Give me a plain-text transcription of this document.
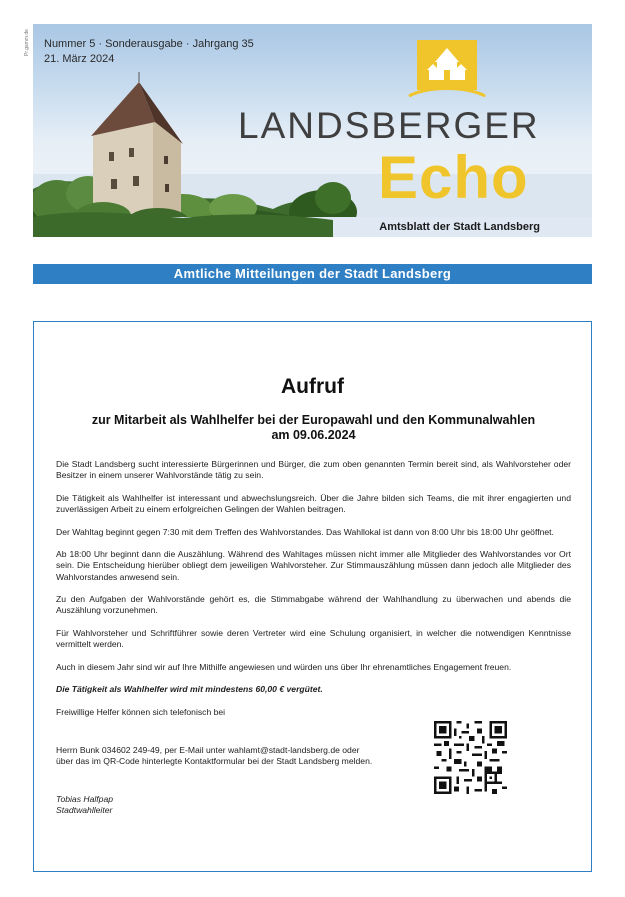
Pr.gamm.de Nummer 5 · Sonderausgabe · Jahrgang 35
21. März 2024
LANDSBERGER
Echo
Amtsblatt der Stadt Landsberg
Amtliche Mitteilungen der Stadt Landsberg
Aufruf
zur Mitarbeit als Wahlhelfer bei der Europawahl und den Kommunalwahlen
am 09.06.2024

Die Stadt Landsberg sucht interessierte Bürgerinnen und Bürger, die zum oben genannten Termin bereit sind, als Wahlvorsteher oder Besitzer in einem unserer Wahlvorstände tätig zu sein.

Die Tätigkeit als Wahlhelfer ist interessant und abwechslungsreich. Über die Jahre bilden sich Teams, die mit ihrer engagierten und zuverlässigen Arbeit zu einem erfolgreichen Gelingen der Wahlen beitragen.

Der Wahltag beginnt gegen 7:30 mit dem Treffen des Wahlvorstandes. Das Wahllokal ist dann von 8:00 Uhr bis 18:00 Uhr geöffnet.

Ab 18:00 Uhr beginnt dann die Auszählung. Während des Wahltages müssen nicht immer alle Mitglieder des Wahlvorstandes vor Ort sein. Die Entscheidung hierüber obliegt dem jeweiligen Wahlvorsteher. Zur Stimmauszählung müssen dann jedoch alle Mitglieder des Wahlvorstandes anwesend sein.

Zu den Aufgaben der Wahlvorstände gehört es, die Stimmabgabe während der Wahlhandlung zu überwachen und abends die Auszählung vorzunehmen.

Für Wahlvorsteher und Schriftführer sowie deren Vertreter wird eine Schulung organisiert, in welcher die notwendigen Kenntnisse vermittelt werden.

Auch in diesem Jahr sind wir auf Ihre Mithilfe angewiesen und würden uns über Ihr ehrenamtliches Engagement freuen.

Die Tätigkeit als Wahlhelfer wird mit mindestens 60,00 € vergütet.

Freiwillige Helfer können sich telefonisch bei

Herrn Bunk 034602 249-49, per E-Mail unter wahlamt@stadt-landsberg.de oder
über das im QR-Code hinterlegte Kontaktformular bei der Stadt Landsberg melden.
Tobias Halfpap
Stadtwahlleiter
